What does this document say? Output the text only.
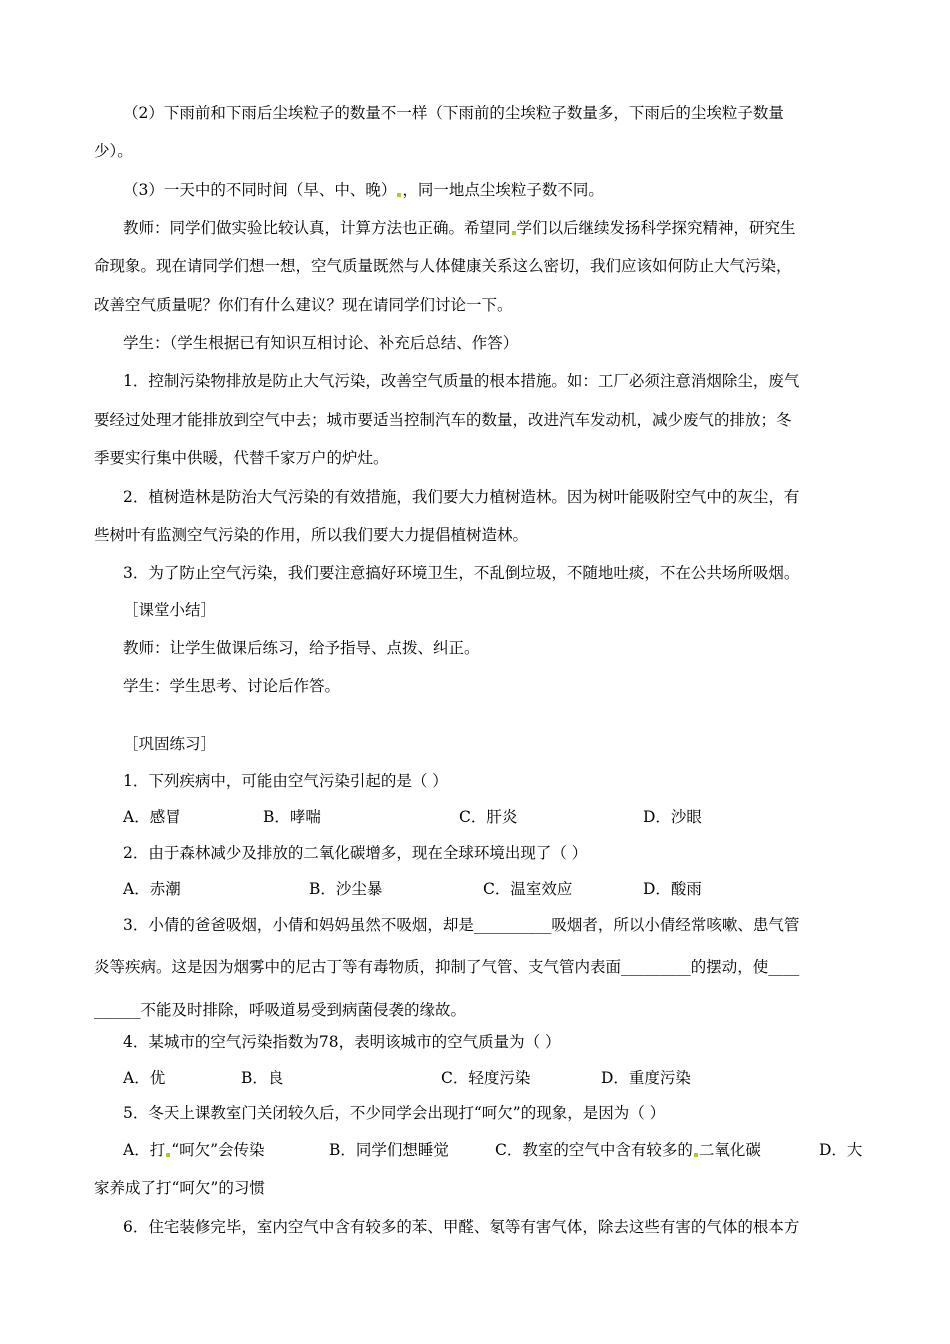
（2）下雨前和下雨后尘埃粒子的数量不一样（下雨前的尘埃粒子数量多，下雨后的尘埃粒子数量

少）。

（3）一天中的不同时间（早、中、晚） ，同一地点尘埃粒子数不同。

教师：同学们做实验比较认真，计算方法也正确。希望同 学们以后继续发扬科学探究精神，研究生

命现象。现在请同学们想一想，空气质量既然与人体健康关系这么密切，我们应该如何防止大气污染，

改善空气质量呢？你们有什么建议？现在请同学们讨论一下。

学生：（学生根据已有知识互相讨论、补充后总结、作答）

1．控制污染物排放是防止大气污染，改善空气质量的根本措施。如：工厂必须注意消烟除尘，废气

要经过处理才能排放到空气中去；城市要适当控制汽车的数量，改进汽车发动机，减少废气的排放；冬

季要实行集中供暖，代替千家万户的炉灶。

2．植树造林是防治大气污染的有效措施，我们要大力植树造林。因为树叶能吸附空气中的灰尘，有

些树叶有监测空气污染的作用，所以我们要大力提倡植树造林。

3．为了防止空气污染，我们要注意搞好环境卫生，不乱倒垃圾，不随地吐痰，不在公共场所吸烟。

［课堂小结］

教师：让学生做课后练习，给予指导、点拨、纠正。

学生：学生思考、讨论后作答。

［巩固练习］

1．下列疾病中，可能由空气污染引起的是（ ）

A．感冒	B．哮喘	C．肝炎	D．沙眼

2．由于森林减少及排放的二氧化碳增多，现在全球环境出现了（ ）

A．赤潮	B．沙尘暴	C．温室效应	D．酸雨

3．小倩的爸爸吸烟，小倩和妈妈虽然不吸烟，却是__________吸烟者，所以小倩经常咳嗽、患气管

炎等疾病。这是因为烟雾中的尼古丁等有毒物质，抑制了气管、支气管内表面_________的摆动，使____

______不能及时排除，呼吸道易受到病菌侵袭的缘故。

4．某城市的空气污染指数为78，表明该城市的空气质量为（ ）

A．优	B．良	C．轻度污染	D．重度污染

5．冬天上课教室门关闭较久后，不少同学会出现打“呵欠”的现象，是因为（ ）

A．打 “呵欠”会传染	B．同学们想睡觉	C．教室的空气中含有较多的 二氧化碳	D．大

家养成了打“呵欠”的习惯

6．住宅装修完毕，室内空气中含有较多的苯、甲醛、氡等有害气体，除去这些有害的气体的根本方
